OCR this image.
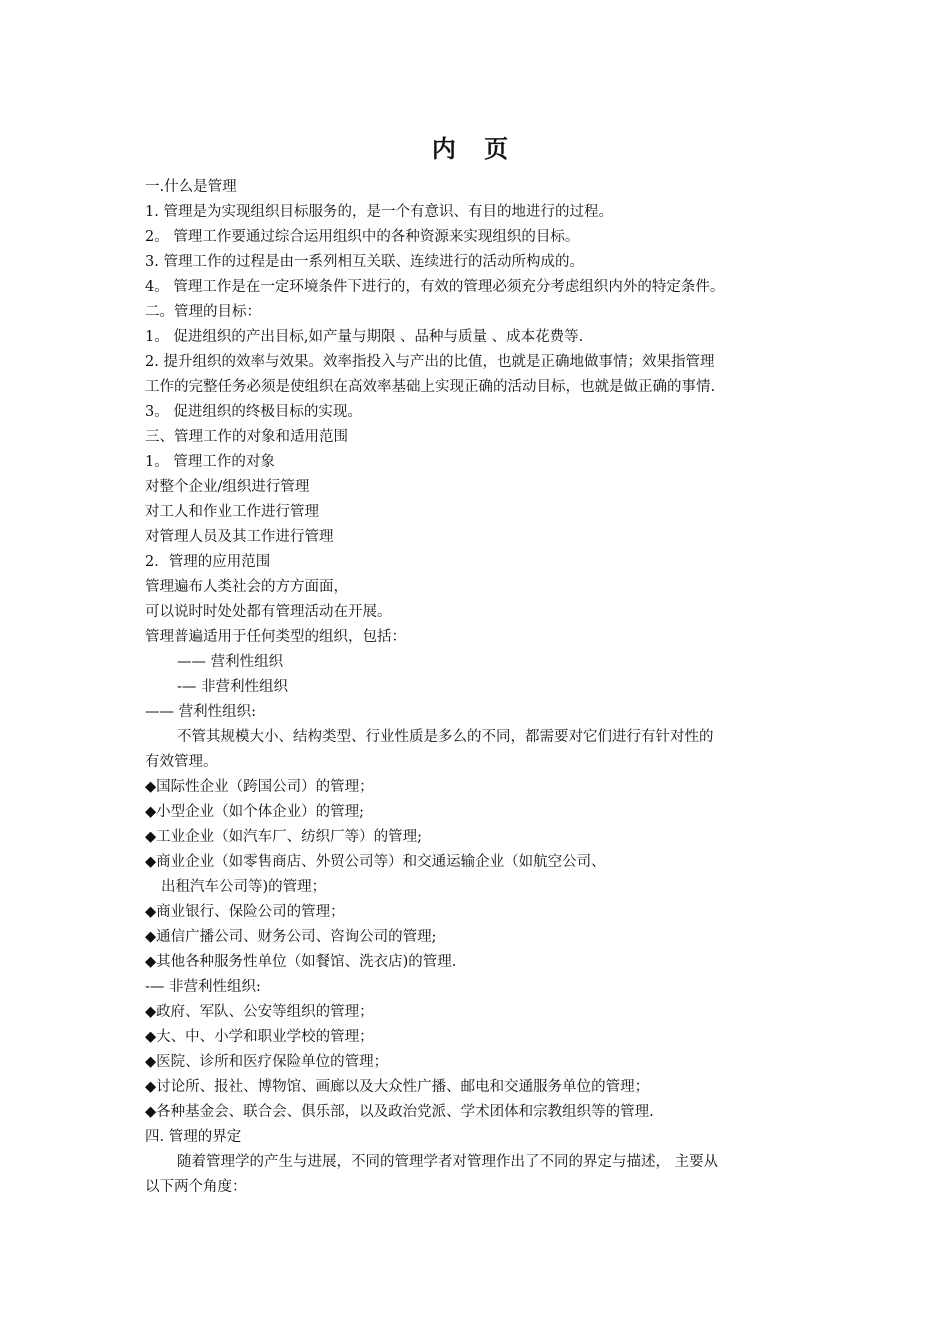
内 页
一.什么是管理
1. 管理是为实现组织目标服务的，是一个有意识、有目的地进行的过程。
2。 管理工作要通过综合运用组织中的各种资源来实现组织的目标。
3. 管理工作的过程是由一系列相互关联、连续进行的活动所构成的。
4。 管理工作是在一定环境条件下进行的，有效的管理必须充分考虑组织内外的特定条件。
二。管理的目标：
1。 促进组织的产出目标,如产量与期限 、品种与质量 、成本花费等.
2. 提升组织的效率与效果。效率指投入与产出的比值，也就是正确地做事情；效果指管理
工作的完整任务必须是使组织在高效率基础上实现正确的活动目标，也就是做正确的事情.
3。 促进组织的终极目标的实现。
三、管理工作的对象和适用范围
1。 管理工作的对象
对整个企业/组织进行管理
对工人和作业工作进行管理
对管理人员及其工作进行管理
2．管理的应用范围
管理遍布人类社会的方方面面，
可以说时时处处都有管理活动在开展。
管理普遍适用于任何类型的组织，包括：
—— 营利性组织
-— 非营利性组织
—— 营利性组织:
不管其规模大小、结构类型、行业性质是多么的不同，都需要对它们进行有针对性的
有效管理。
◆国际性企业（跨国公司）的管理；
◆小型企业（如个体企业）的管理;
◆工业企业（如汽车厂、纺织厂等）的管理;
◆商业企业（如零售商店、外贸公司等）和交通运输企业（如航空公司、
出租汽车公司等)的管理；
◆商业银行、保险公司的管理；
◆通信广播公司、财务公司、咨询公司的管理;
◆其他各种服务性单位（如餐馆、洗衣店)的管理.
-— 非营利性组织:
◆政府、军队、公安等组织的管理；
◆大、中、小学和职业学校的管理；
◆医院、诊所和医疗保险单位的管理；
◆讨论所、报社、博物馆、画廊以及大众性广播、邮电和交通服务单位的管理；
◆各种基金会、联合会、俱乐部，以及政治党派、学术团体和宗教组织等的管理.
四. 管理的界定
随着管理学的产生与进展，不同的管理学者对管理作出了不同的界定与描述， 主要从
以下两个角度：
